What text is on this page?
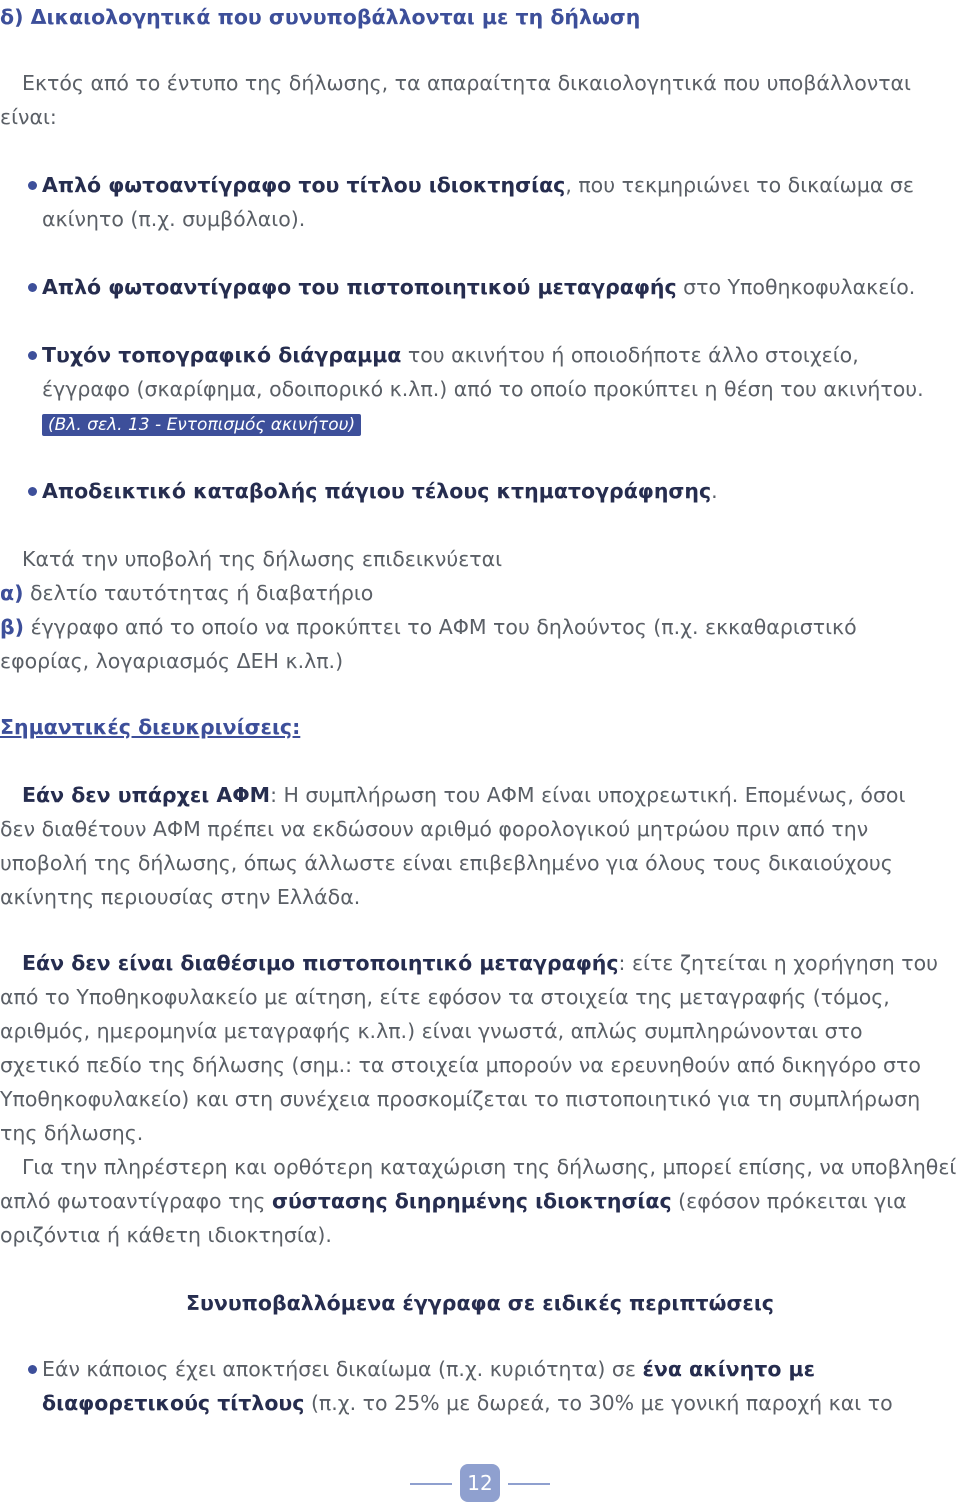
δ) Δικαιολογητικά που συνυποβάλλονται με τη δήλωση
Εκτός από το έντυπο της δήλωσης, τα απαραίτητα δικαιολογητικά που υποβάλλονται
είναι:
Απλό φωτοαντίγραφο του τίτλου ιδιοκτησίας, που τεκμηριώνει το δικαίωμα σε
ακίνητο (π.χ. συμβόλαιο).
Απλό φωτοαντίγραφο του πιστοποιητικού μεταγραφής στο Υποθηκοφυλακείο.
Τυχόν τοπογραφικό διάγραμμα του ακινήτου ή οποιοδήποτε άλλο στοιχείο,
έγγραφο (σκαρίφημα, οδοιπορικό κ.λπ.) από το οποίο προκύπτει η θέση του ακινήτου.
(Βλ. σελ. 13 - Εντοπισμός ακινήτου)
Αποδεικτικό καταβολής πάγιου τέλους κτηματογράφησης.
Κατά την υποβολή της δήλωσης επιδεικνύεται
α) δελτίο ταυτότητας ή διαβατήριο
β) έγγραφο από το οποίο να προκύπτει το ΑΦΜ του δηλούντος (π.χ. εκκαθαριστικό
εφορίας, λογαριασμός ΔΕΗ κ.λπ.)
Σημαντικές διευκρινίσεις:
Εάν δεν υπάρχει ΑΦΜ: Η συμπλήρωση του ΑΦΜ είναι υποχρεωτική. Επομένως, όσοι
δεν διαθέτουν ΑΦΜ πρέπει να εκδώσουν αριθμό φορολογικού μητρώου πριν από την
υποβολή της δήλωσης, όπως άλλωστε είναι επιβεβλημένο για όλους τους δικαιούχους
ακίνητης περιουσίας στην Ελλάδα.
Εάν δεν είναι διαθέσιμο πιστοποιητικό μεταγραφής: είτε ζητείται η χορήγηση του
από το Υποθηκοφυλακείο με αίτηση, είτε εφόσον τα στοιχεία της μεταγραφής (τόμος,
αριθμός, ημερομηνία μεταγραφής κ.λπ.) είναι γνωστά, απλώς συμπληρώνονται στο
σχετικό πεδίο της δήλωσης (σημ.: τα στοιχεία μπορούν να ερευνηθούν από δικηγόρο στο
Υποθηκοφυλακείο) και στη συνέχεια προσκομίζεται το πιστοποιητικό για τη συμπλήρωση
της δήλωσης.
Για την πληρέστερη και ορθότερη καταχώριση της δήλωσης, μπορεί επίσης, να υποβληθεί
απλό φωτοαντίγραφο της σύστασης διηρημένης ιδιοκτησίας (εφόσον πρόκειται για
οριζόντια ή κάθετη ιδιοκτησία).
Συνυποβαλλόμενα έγγραφα σε ειδικές περιπτώσεις
Εάν κάποιος έχει αποκτήσει δικαίωμα (π.χ. κυριότητα) σε ένα ακίνητο με
διαφορετικούς τίτλους (π.χ. το 25% με δωρεά, το 30% με γονική παροχή και το
12
